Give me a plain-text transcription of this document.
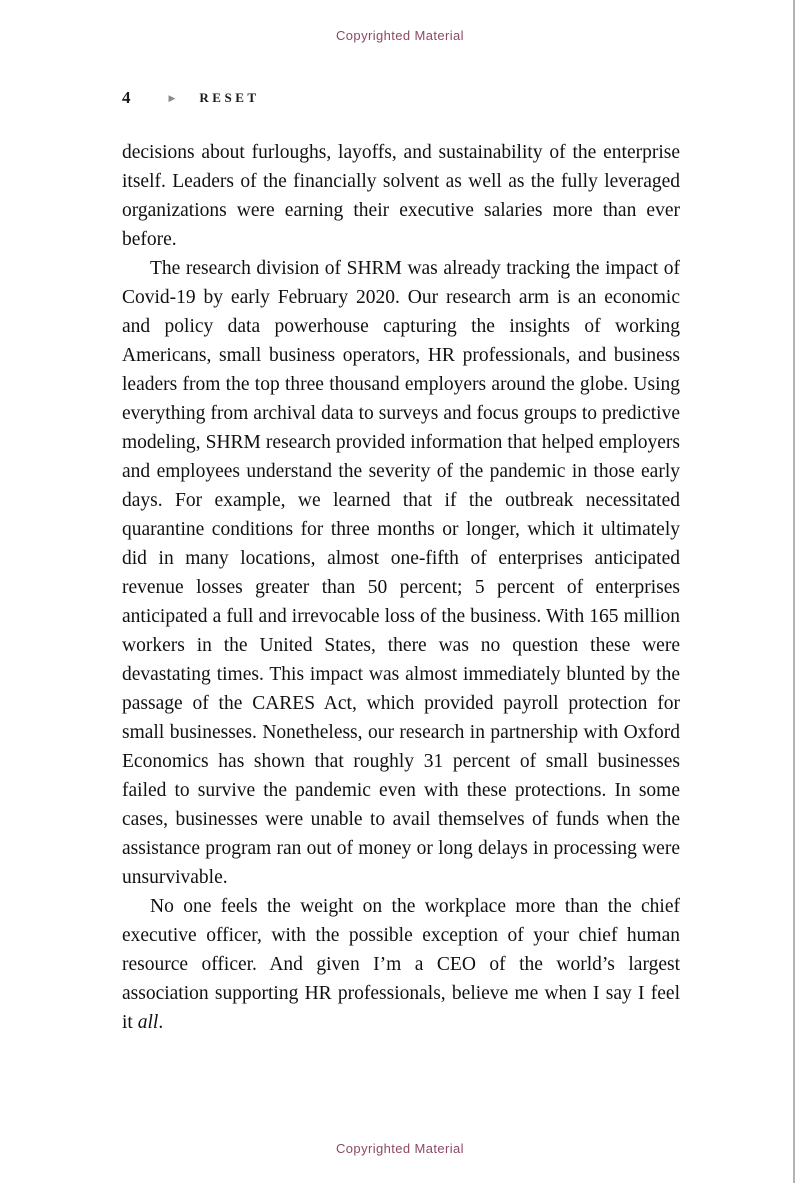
Copyrighted Material
4	▶ RESET

decisions about furloughs, layoffs, and sustainability of the enterprise itself. Leaders of the financially solvent as well as the fully leveraged organizations were earning their executive salaries more than ever before.

The research division of SHRM was already tracking the impact of Covid-19 by early February 2020. Our research arm is an economic and policy data powerhouse capturing the insights of working Americans, small business operators, HR professionals, and business leaders from the top three thousand employers around the globe. Using everything from archival data to surveys and focus groups to predictive modeling, SHRM research provided information that helped employers and employees understand the severity of the pandemic in those early days. For example, we learned that if the outbreak necessitated quarantine conditions for three months or longer, which it ultimately did in many locations, almost one-fifth of enterprises anticipated revenue losses greater than 50 percent; 5 percent of enterprises anticipated a full and irrevocable loss of the business. With 165 million workers in the United States, there was no question these were devastating times. This impact was almost immediately blunted by the passage of the CARES Act, which provided payroll protection for small businesses. Nonetheless, our research in partnership with Oxford Economics has shown that roughly 31 percent of small businesses failed to survive the pandemic even with these protections. In some cases, businesses were unable to avail themselves of funds when the assistance program ran out of money or long delays in processing were unsurvivable.

No one feels the weight on the workplace more than the chief executive officer, with the possible exception of your chief human resource officer. And given I’m a CEO of the world’s largest association supporting HR professionals, believe me when I say I feel it all.

Copyrighted Material
